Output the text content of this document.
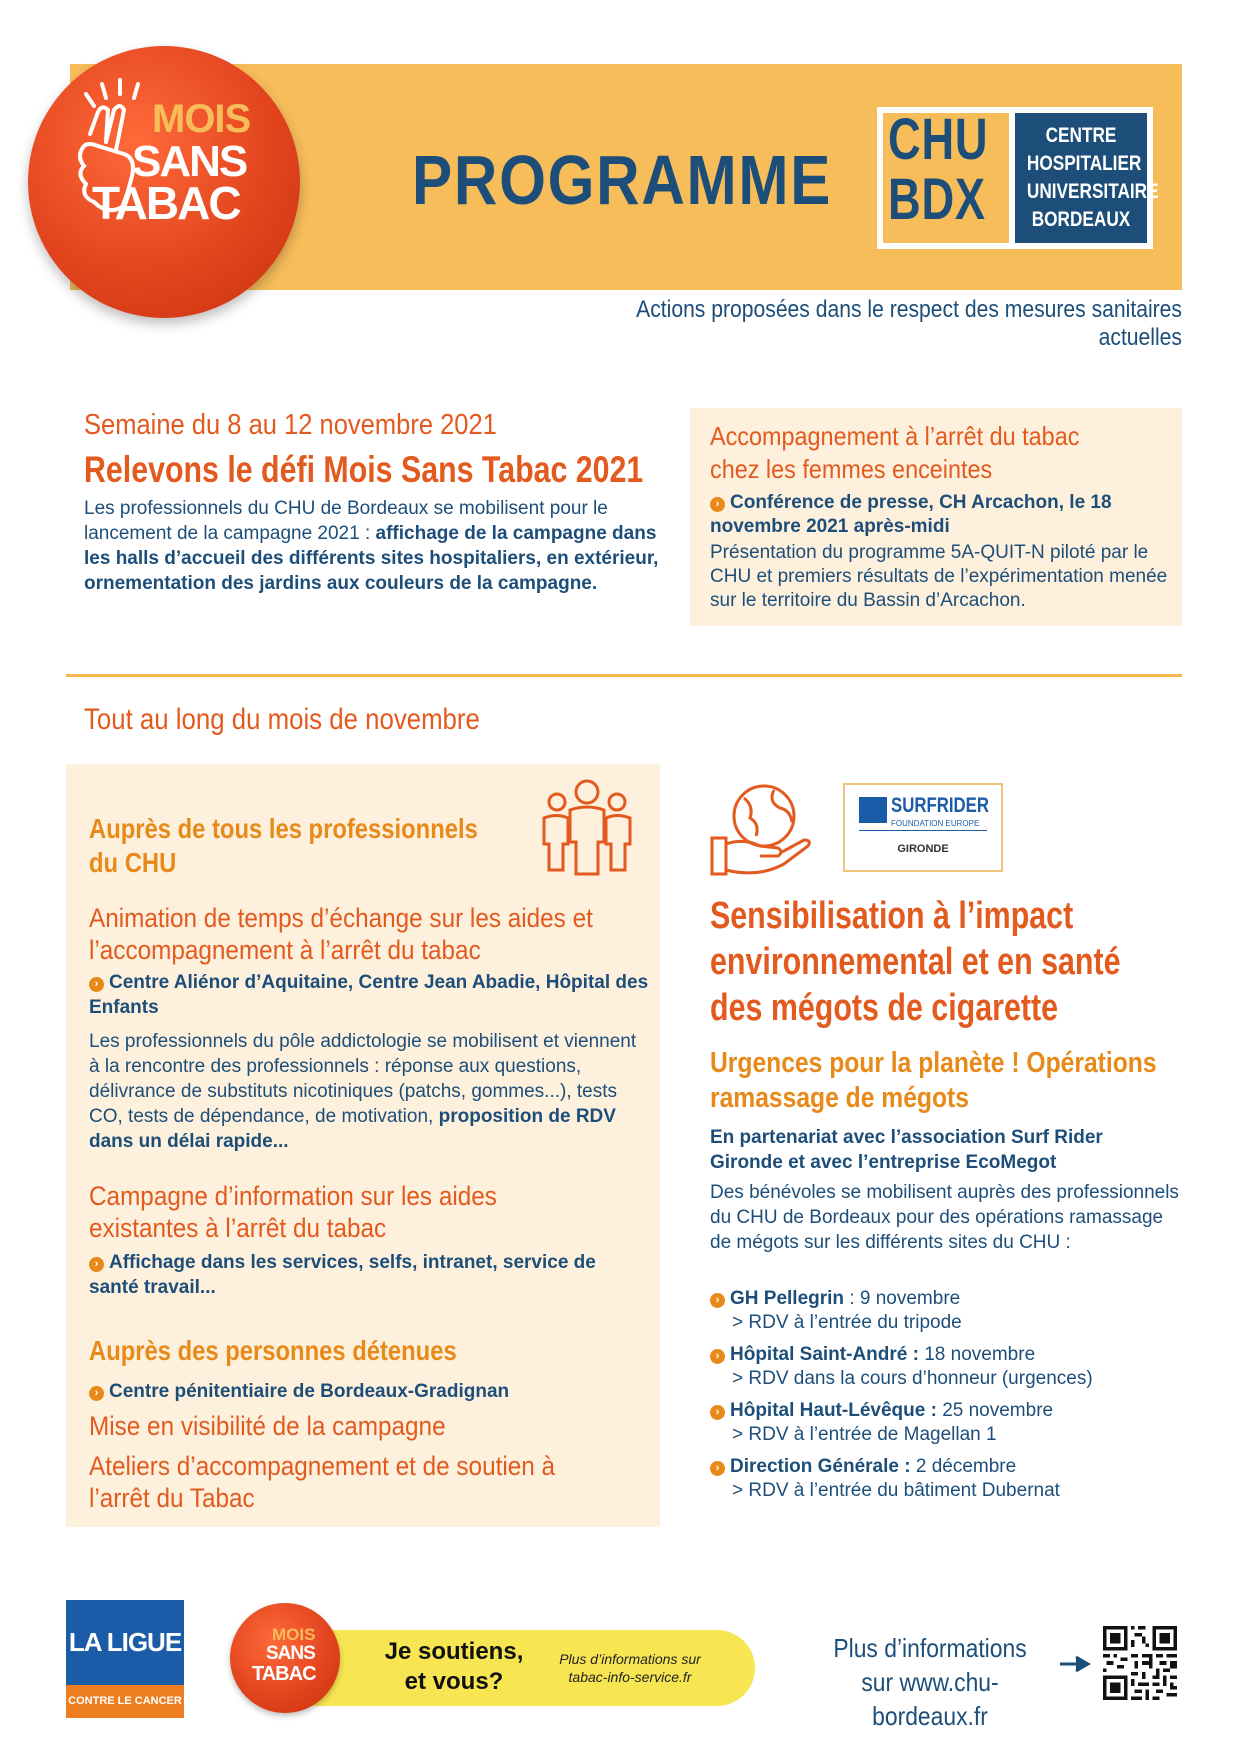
MOIS
SANS
TABAC PROGRAMME
CHU
BDX
CENTRE
HOSPITALIER
UNIVERSITAIRE
BORDEAUX
Actions proposées dans le respect des mesures sanitaires actuelles
Semaine du 8 au 12 novembre 2021
Relevons le défi Mois Sans Tabac 2021
Les professionnels du CHU de Bordeaux se mobilisent pour le lancement de la campagne 2021 : affichage de la campagne dans les halls d’accueil des différents sites hospitaliers, en extérieur, ornementation des jardins aux couleurs de la campagne.
Accompagnement à l’arrêt du tabac chez les femmes enceintes
› Conférence de presse, CH Arcachon, le 18 novembre 2021 après-midi
Présentation du programme 5A-QUIT-N piloté par le CHU et premiers résultats de l’expérimentation menée sur le territoire du Bassin d’Arcachon.
Tout au long du mois de novembre
Auprès de tous les professionnels du CHU
Animation de temps d’échange sur les aides et l’accompagnement à l’arrêt du tabac
› Centre Aliénor d’Aquitaine, Centre Jean Abadie, Hôpital des Enfants
Les professionnels du pôle addictologie se mobilisent et viennent à la rencontre des professionnels : réponse aux questions, délivrance de substituts nicotiniques (patchs, gommes...), tests CO, tests de dépendance, de motivation, proposition de RDV dans un délai rapide...
Campagne d’information sur les aides existantes à l’arrêt du tabac
› Affichage dans les services, selfs, intranet, service de santé travail...
Auprès des personnes détenues
› Centre pénitentiaire de Bordeaux-Gradignan
Mise en visibilité de la campagne
Ateliers d’accompagnement et de soutien à l’arrêt du Tabac
SURFRIDER
FOUNDATION EUROPE
GIRONDE
Sensibilisation à l’impact environnemental et en santé des mégots de cigarette
Urgences pour la planète ! Opérations ramassage de mégots
En partenariat avec l’association Surf Rider Gironde et avec l’entreprise EcoMegot
Des bénévoles se mobilisent auprès des professionnels du CHU de Bordeaux pour des opérations ramassage de mégots sur les différents sites du CHU :
› GH Pellegrin : 9 novembre
> RDV à l’entrée du tripode
› Hôpital Saint-André : 18 novembre
> RDV dans la cours d’honneur (urgences)
› Hôpital Haut-Lévêque : 25 novembre
> RDV à l’entrée de Magellan 1
› Direction Générale : 2 décembre
> RDV à l’entrée du bâtiment Dubernat
LA LIGUE
CONTRE LE CANCER
MOIS
SANS
TABAC
Je soutiens, et vous?
Plus d’informations sur tabac-info-service.fr
Plus d’informations sur www.chu-bordeaux.fr
